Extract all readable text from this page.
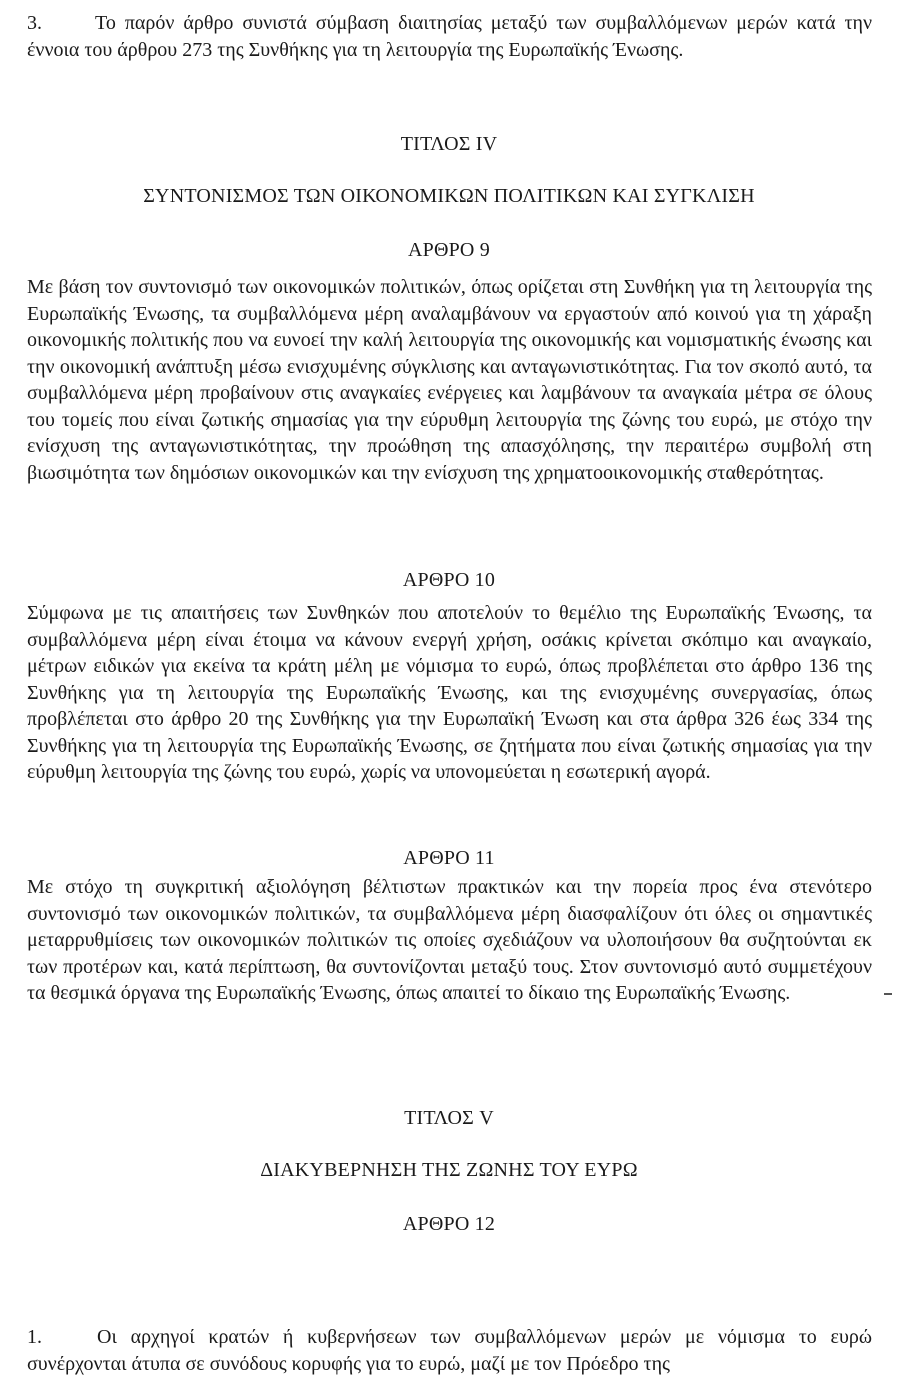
3.	Το παρόν άρθρο συνιστά σύμβαση διαιτησίας μεταξύ των συμβαλλόμενων μερών κατά την έννοια του άρθρου 273 της Συνθήκης για τη λειτουργία της Ευρωπαϊκής Ένωσης.

ΤΙΤΛΟΣ IV

ΣΥΝΤΟΝΙΣΜΟΣ ΤΩΝ ΟΙΚΟΝΟΜΙΚΩΝ ΠΟΛΙΤΙΚΩΝ ΚΑΙ ΣΥΓΚΛΙΣΗ

ΑΡΘΡΟ 9

Με βάση τον συντονισμό των οικονομικών πολιτικών, όπως ορίζεται στη Συνθήκη για τη λειτουργία της Ευρωπαϊκής Ένωσης, τα συμβαλλόμενα μέρη αναλαμβάνουν να εργαστούν από κοινού για τη χάραξη οικονομικής πολιτικής που να ευνοεί την καλή λειτουργία της οικονομικής και νομισματικής ένωσης και την οικονομική ανάπτυξη μέσω ενισχυμένης σύγκλισης και ανταγωνιστικότητας. Για τον σκοπό αυτό, τα συμβαλλόμενα μέρη προβαίνουν στις αναγκαίες ενέργειες και λαμβάνουν τα αναγκαία μέτρα σε όλους του τομείς που είναι ζωτικής σημασίας για την εύρυθμη λειτουργία της ζώνης του ευρώ, με στόχο την ενίσχυση της ανταγωνιστικότητας, την προώθηση της απασχόλησης, την περαιτέρω συμβολή στη βιωσιμότητα των δημόσιων οικονομικών και την ενίσχυση της χρηματοοικονομικής σταθερότητας.

ΑΡΘΡΟ 10

Σύμφωνα με τις απαιτήσεις των Συνθηκών που αποτελούν το θεμέλιο της Ευρωπαϊκής Ένωσης, τα συμβαλλόμενα μέρη είναι έτοιμα να κάνουν ενεργή χρήση, οσάκις κρίνεται σκόπιμο και αναγκαίο, μέτρων ειδικών για εκείνα τα κράτη μέλη με νόμισμα το ευρώ, όπως προβλέπεται στο άρθρο 136 της Συνθήκης για τη λειτουργία της Ευρωπαϊκής Ένωσης, και της ενισχυμένης συνεργασίας, όπως προβλέπεται στο άρθρο 20 της Συνθήκης για την Ευρωπαϊκή Ένωση και στα άρθρα 326 έως 334 της Συνθήκης για τη λειτουργία της Ευρωπαϊκής Ένωσης, σε ζητήματα που είναι ζωτικής σημασίας για την εύρυθμη λειτουργία της ζώνης του ευρώ, χωρίς να υπονομεύεται η εσωτερική αγορά.

ΑΡΘΡΟ 11

Με στόχο τη συγκριτική αξιολόγηση βέλτιστων πρακτικών και την πορεία προς ένα στενότερο συντονισμό των οικονομικών πολιτικών, τα συμβαλλόμενα μέρη διασφαλίζουν ότι όλες οι σημαντικές μεταρρυθμίσεις των οικονομικών πολιτικών τις οποίες σχεδιάζουν να υλοποιήσουν θα συζητούνται εκ των προτέρων και, κατά περίπτωση, θα συντονίζονται μεταξύ τους. Στον συντονισμό αυτό συμμετέχουν τα θεσμικά όργανα της Ευρωπαϊκής Ένωσης, όπως απαιτεί το δίκαιο της Ευρωπαϊκής Ένωσης.

ΤΙΤΛΟΣ V

ΔΙΑΚΥΒΕΡΝΗΣΗ ΤΗΣ ΖΩΝΗΣ ΤΟΥ ΕΥΡΩ

ΑΡΘΡΟ 12

1.	Οι αρχηγοί κρατών ή κυβερνήσεων των συμβαλλόμενων μερών με νόμισμα το ευρώ συνέρχονται άτυπα σε συνόδους κορυφής για το ευρώ, μαζί με τον Πρόεδρο της
